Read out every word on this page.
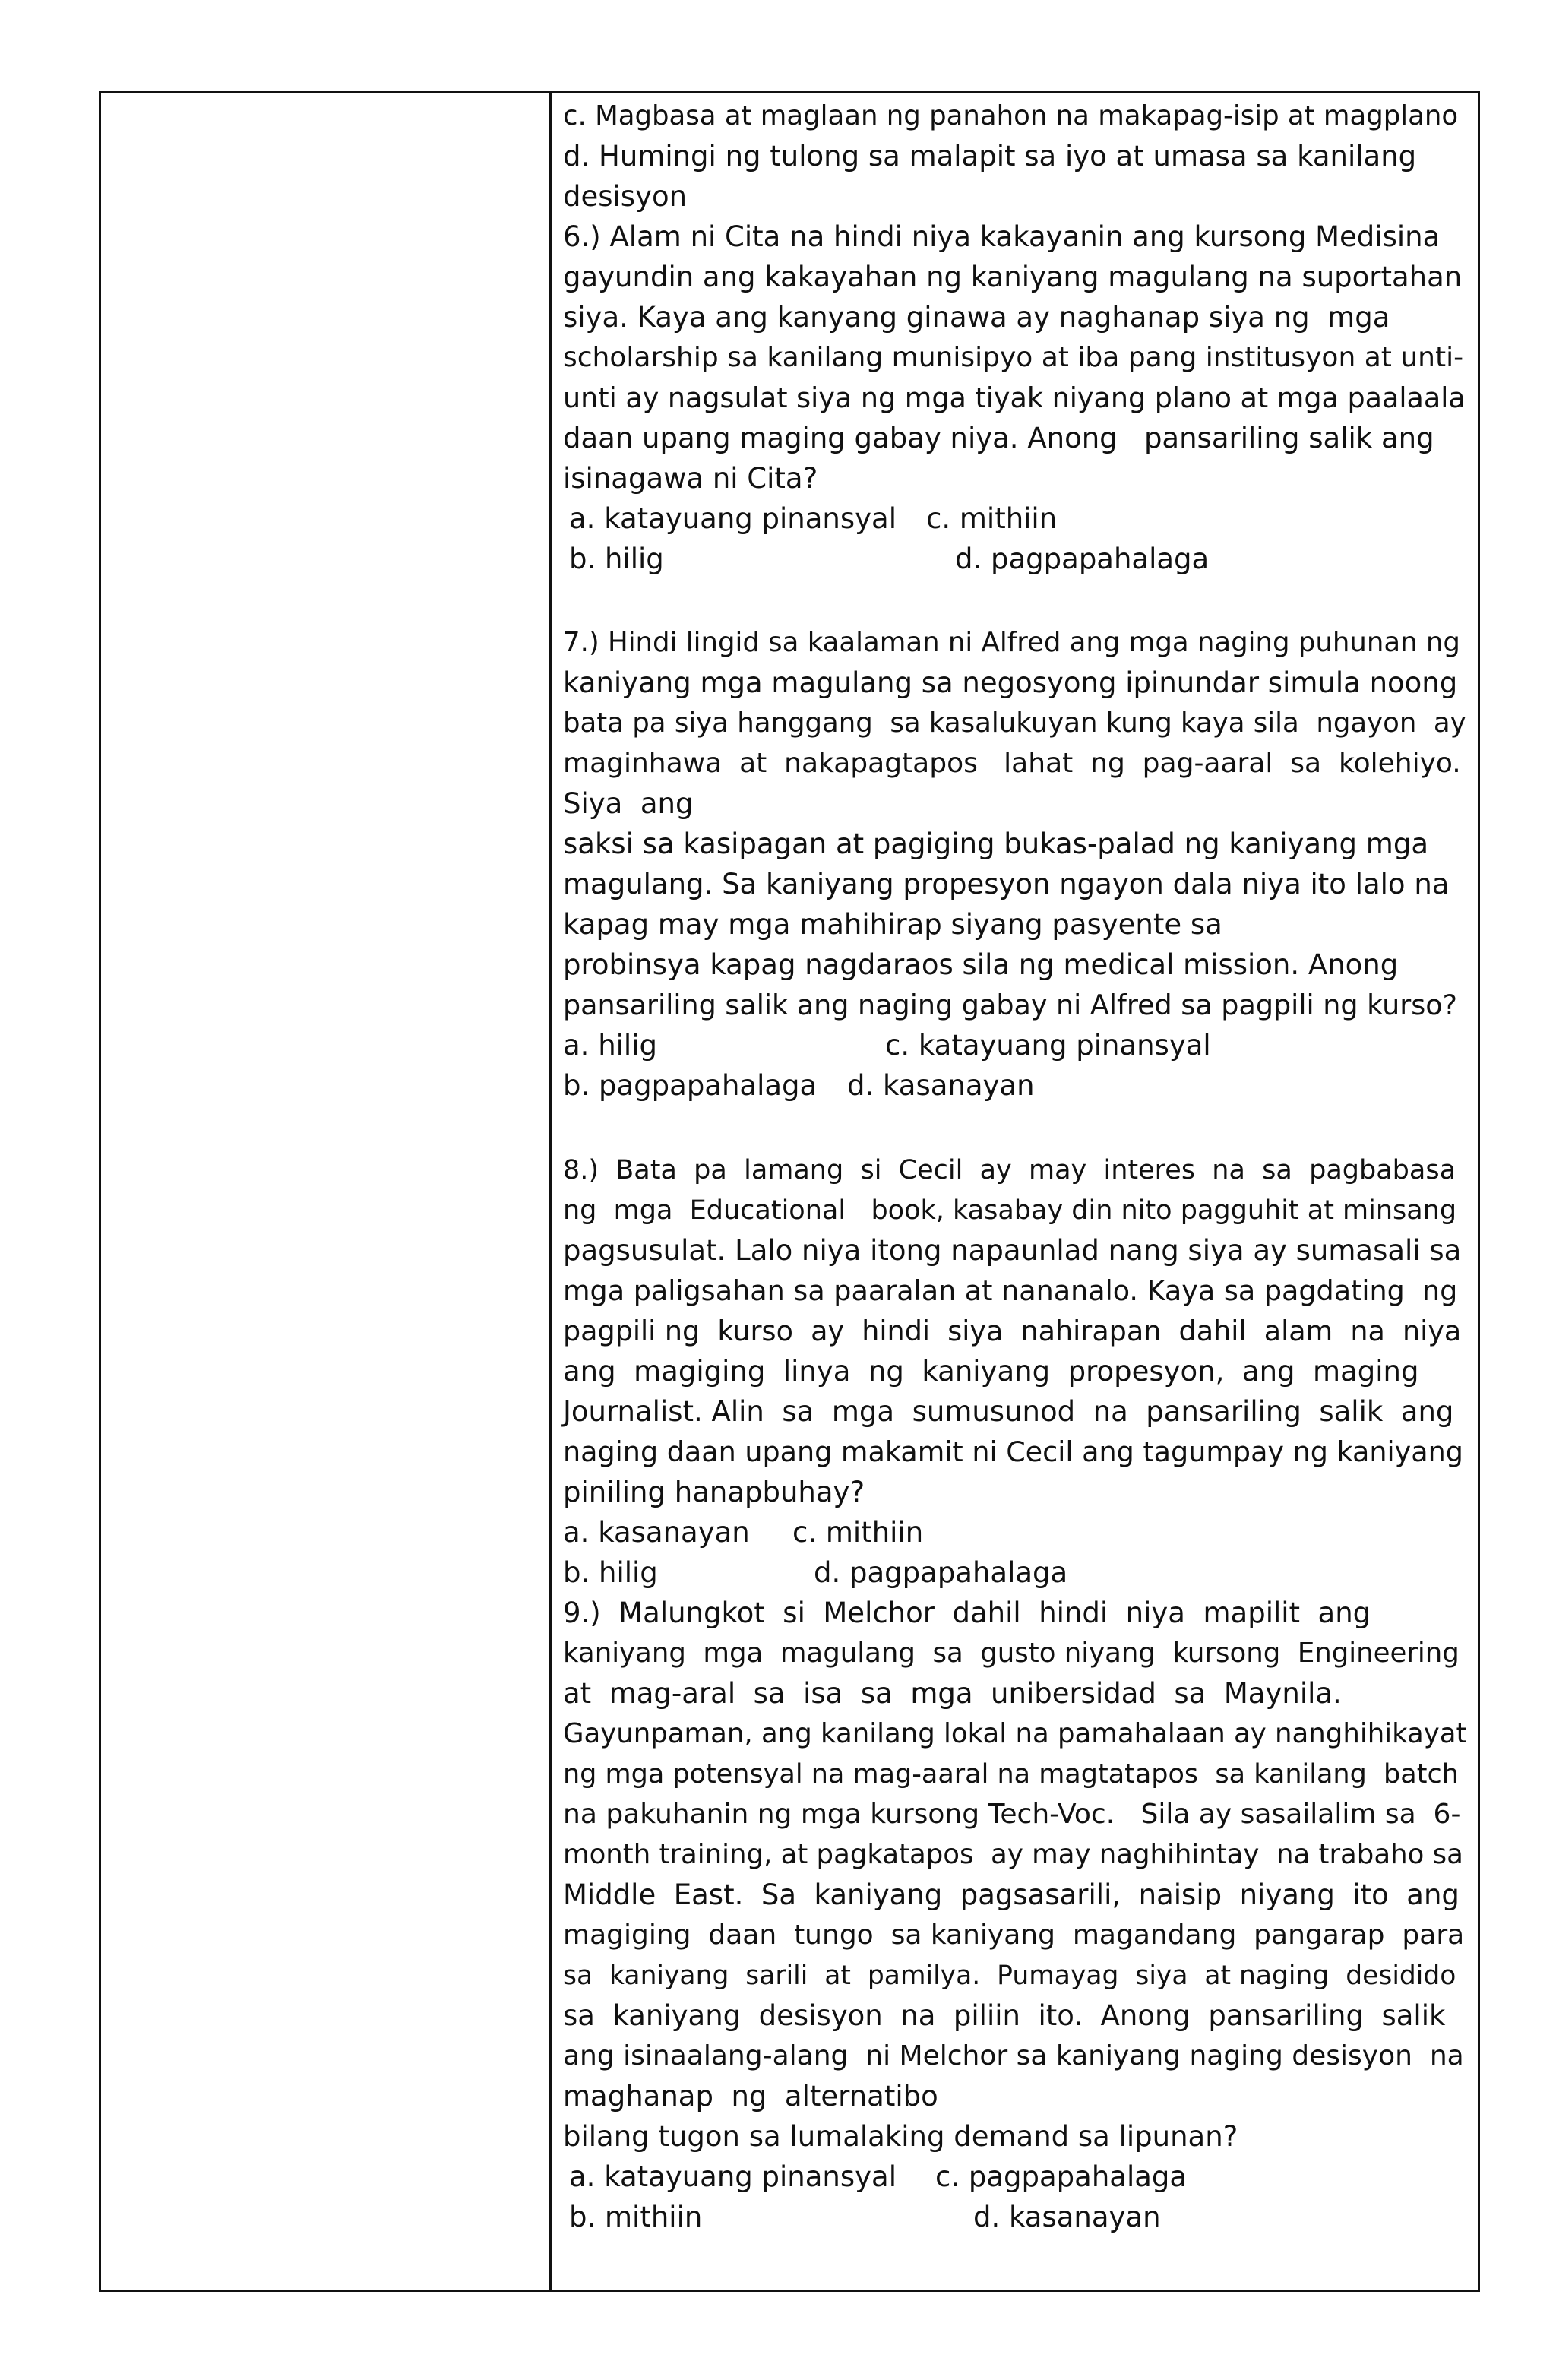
c. Magbasa at maglaan ng panahon na makapag-isip at magplano
d. Humingi ng tulong sa malapit sa iyo at umasa sa kanilang
desisyon
6.) Alam ni Cita na hindi niya kakayanin ang kursong Medisina
gayundin ang kakayahan ng kaniyang magulang na suportahan
siya. Kaya ang kanyang ginawa ay naghanap siya ng  mga
scholarship sa kanilang munisipyo at iba pang institusyon at unti-
unti ay nagsulat siya ng mga tiyak niyang plano at mga paalaala
daan upang maging gabay niya. Anong   pansariling salik ang
isinagawa ni Cita?
a. katayuang pinansyal c. mithiin
b. hilig	d. pagpapahalaga
7.) Hindi lingid sa kaalaman ni Alfred ang mga naging puhunan ng
kaniyang mga magulang sa negosyong ipinundar simula noong
bata pa siya hanggang  sa kasalukuyan kung kaya sila  ngayon  ay
maginhawa  at  nakapagtapos   lahat  ng  pag-aaral  sa  kolehiyo.
Siya  ang
saksi sa kasipagan at pagiging bukas-palad ng kaniyang mga
magulang. Sa kaniyang propesyon ngayon dala niya ito lalo na
kapag may mga mahihirap siyang pasyente sa
probinsya kapag nagdaraos sila ng medical mission. Anong
pansariling salik ang naging gabay ni Alfred sa pagpili ng kurso?
a. hilig	c. katayuang pinansyal
b. pagpapahalaga d. kasanayan
8.)  Bata  pa  lamang  si  Cecil  ay  may  interes  na  sa  pagbabasa
ng  mga  Educational   book, kasabay din nito pagguhit at minsang
pagsusulat. Lalo niya itong napaunlad nang siya ay sumasali sa
mga paligsahan sa paaralan at nananalo. Kaya sa pagdating  ng
pagpili ng  kurso  ay  hindi  siya  nahirapan  dahil  alam  na  niya
ang  magiging  linya  ng  kaniyang  propesyon,  ang  maging
Journalist. Alin  sa  mga  sumusunod  na  pansariling  salik  ang
naging daan upang makamit ni Cecil ang tagumpay ng kaniyang
piniling hanapbuhay?
a. kasanayan c. mithiin
b. hilig	d. pagpapahalaga
9.)  Malungkot  si  Melchor  dahil  hindi  niya  mapilit  ang
kaniyang  mga  magulang  sa  gusto niyang  kursong  Engineering
at  mag-aral  sa  isa  sa  mga  unibersidad  sa  Maynila.
Gayunpaman, ang kanilang lokal na pamahalaan ay nanghihikayat
ng mga potensyal na mag-aaral na magtatapos  sa kanilang  batch
na pakuhanin ng mga kursong Tech-Voc.   Sila ay sasailalim sa  6-
month training, at pagkatapos  ay may naghihintay  na trabaho sa
Middle  East.  Sa  kaniyang  pagsasarili,  naisip  niyang  ito  ang
magiging  daan  tungo  sa kaniyang  magandang  pangarap  para
sa  kaniyang  sarili  at  pamilya.  Pumayag  siya  at naging  desidido
sa  kaniyang  desisyon  na  piliin  ito.  Anong  pansariling  salik
ang isinaalang-alang  ni Melchor sa kaniyang naging desisyon  na
maghanap  ng  alternatibo
bilang tugon sa lumalaking demand sa lipunan?
a. katayuang pinansyal c. pagpapahalaga
b. mithiin	d. kasanayan
